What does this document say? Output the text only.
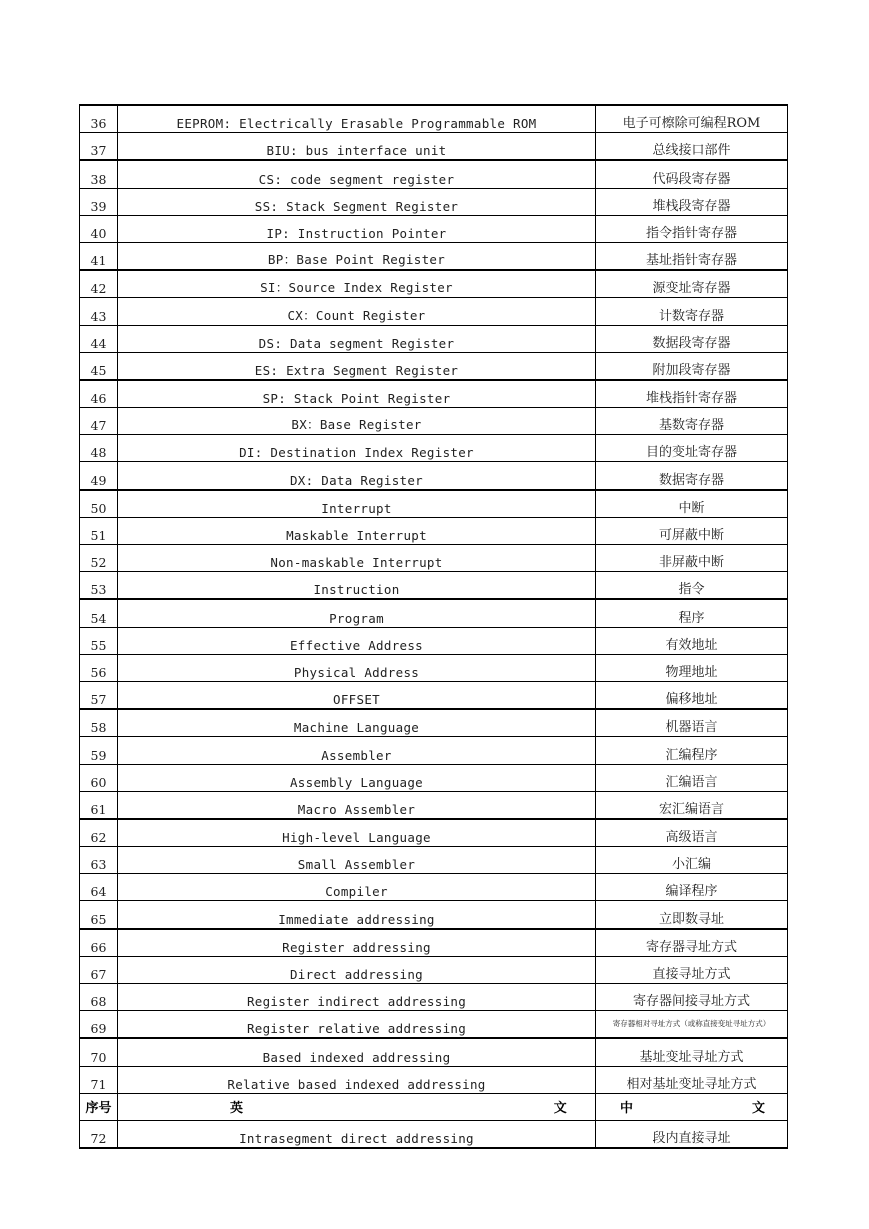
36	EEPROM: Electrically Erasable Programmable ROM	电子可檫除可编程ROM
37	BIU: bus interface unit	总线接口部件
38	CS: code segment register	代码段寄存器
39	SS: Stack Segment Register	堆栈段寄存器
40	IP: Instruction Pointer	指令指针寄存器
41	BP：Base Point Register	基址指针寄存器
42	SI：Source Index Register	源变址寄存器
43	CX：Count Register	计数寄存器
44	DS: Data segment Register	数据段寄存器
45	ES: Extra Segment Register	附加段寄存器
46	SP: Stack Point Register	堆栈指针寄存器
47	BX：Base Register	基数寄存器
48	DI: Destination Index Register	目的变址寄存器
49	DX: Data Register	数据寄存器
50	Interrupt	中断
51	Maskable Interrupt	可屏蔽中断
52	Non-maskable Interrupt	非屏蔽中断
53	Instruction	指令
54	Program	程序
55	Effective Address	有效地址
56	Physical Address	物理地址
57	OFFSET	偏移地址
58	Machine Language	机器语言
59	Assembler	汇编程序
60	Assembly Language	汇编语言
61	Macro Assembler	宏汇编语言
62	High-level Language	高级语言
63	Small Assembler	小汇编
64	Compiler	编译程序
65	Immediate addressing	立即数寻址
66	Register addressing	寄存器寻址方式
67	Direct addressing	直接寻址方式
68	Register indirect addressing	寄存器间接寻址方式
69	Register relative addressing	寄存器相对寻址方式（或称直接变址寻址方式）
70	Based indexed addressing	基址变址寻址方式
71	Relative based indexed addressing	相对基址变址寻址方式
序号	英 文	中 文

72	Intrasegment direct addressing	段内直接寻址
